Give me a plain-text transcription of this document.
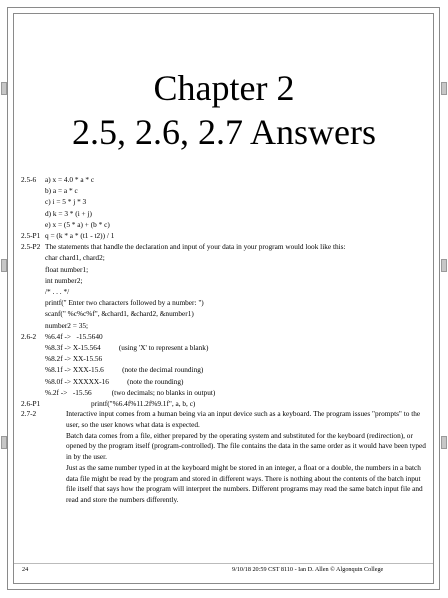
Chapter 2
2.5, 2.6, 2.7 Answers
2.5-6	a) x = 4.0 * a * c
b) a = a * c
c) i = 5 * j * 3
d) k = 3 * (i + j)
e) x = (5 * a) + (b * c)
2.5-P1 q = (k * a * (t1 - t2)) / 1
2.5-P2 The statements that handle the declaration and input of your data in your program would look like this:
char chard1, chard2;
float number1;
int number2;
/* . . . */
printf(" Enter two characters followed by a number: ")
scanf(" %c%c%f", &chard1, &chard2, &number1)
number2 = 35;
2.6-2	%6.4f ->   -15.5640
%8.3f -> X-15.564          (using 'X' to represent a blank)
%8.2f -> XX-15.56
%8.1f -> XXX-15.6          (note the decimal rounding)
%8.0f -> XXXXX-16          (note the rounding)
%.2f ->   -15.56           (two decimals; no blanks in output)
2.6-P1	printf("%6.4f%11.2f%9.1f", a, b, c)
2.7-2	Interactive input comes from a human being via an input device such as a keyboard. The program issues "prompts" to the user, so the user knows what data is expected.
Batch data comes from a file, either prepared by the operating system and substituted for the keyboard (redirection), or opened by the program itself (program-controlled). The file contains the data in the same order as it would have been typed in by the user.
Just as the same number typed in at the keyboard might be stored in an integer, a float or a double, the numbers in a batch data file might be read by the program and stored in different ways. There is nothing about the contents of the batch input file itself that says how the program will interpret the numbers. Different programs may read the same batch input file and read and store the numbers differently.
24	9/10/18 20:59 CST 8110 - Ian D. Allen © Algonquin College
